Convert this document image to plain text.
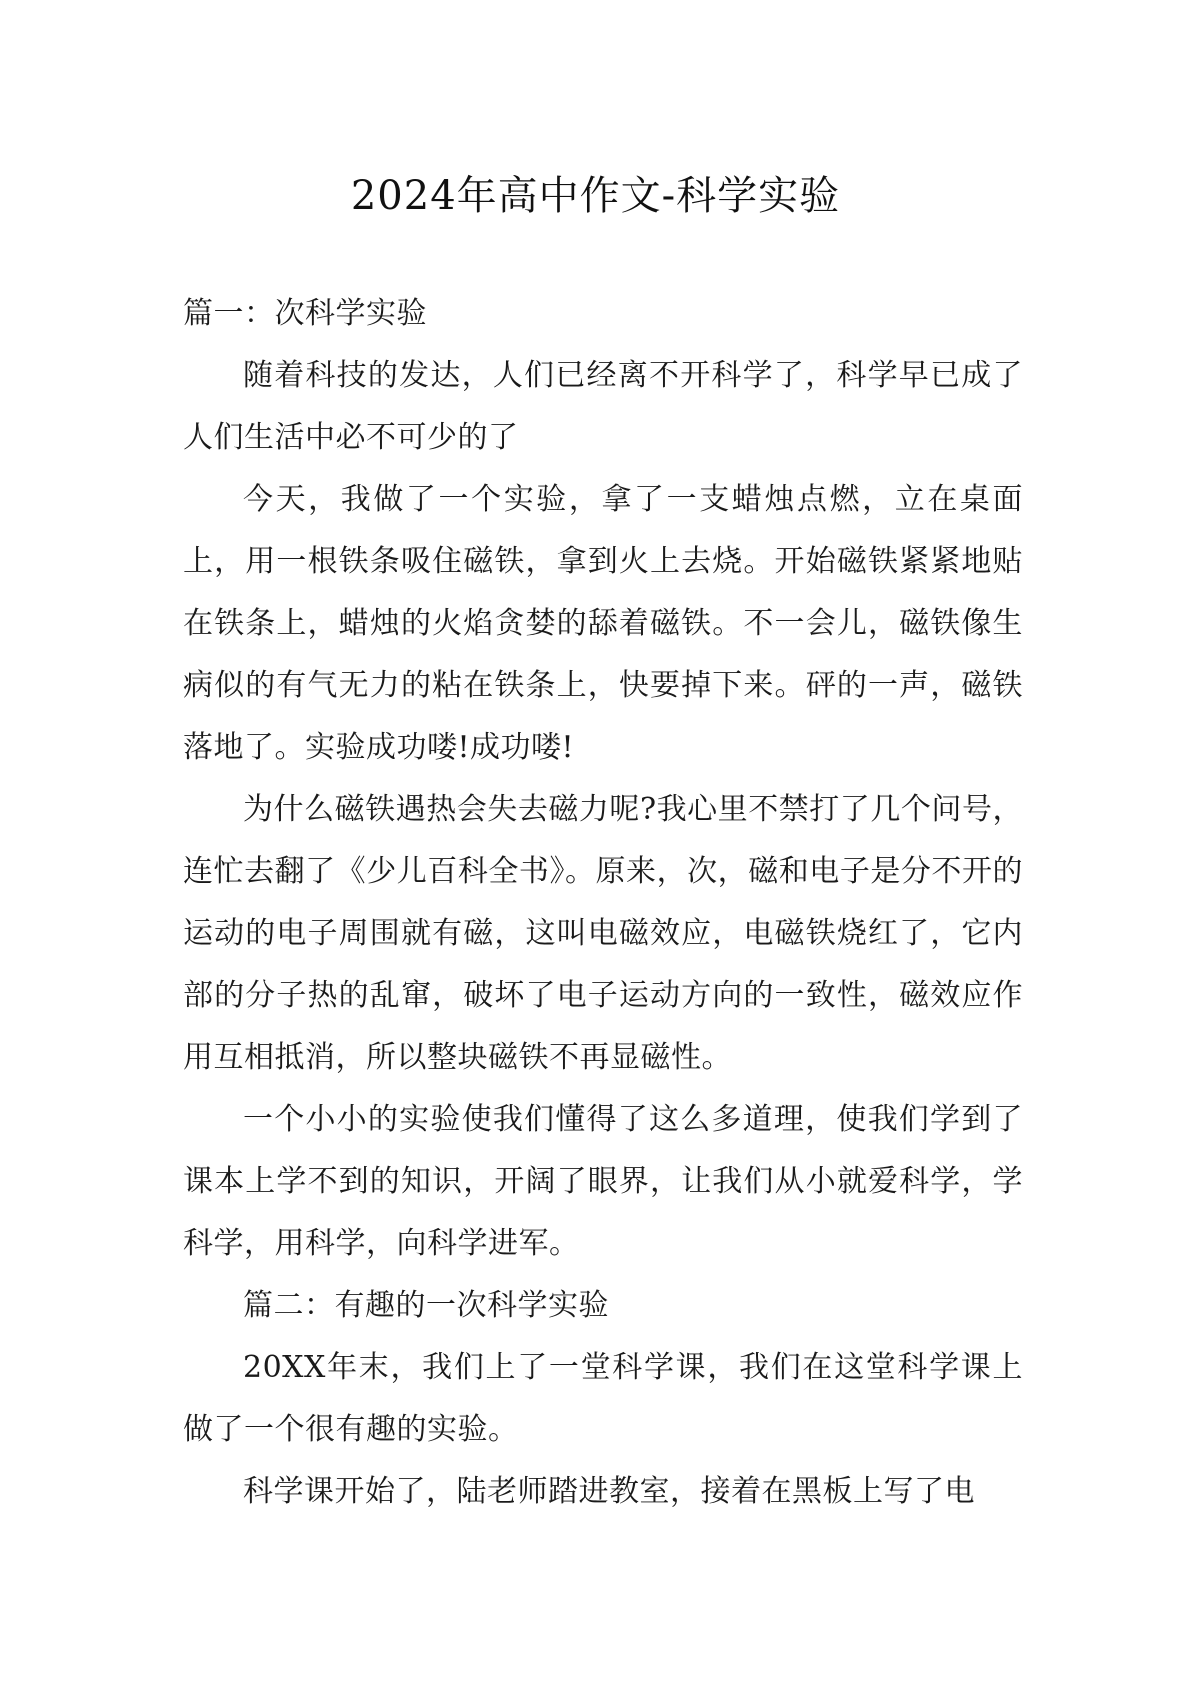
2024年高中作文-科学实验

篇一：次科学实验

随着科技的发达，人们已经离不开科学了，科学早已成了人们生活中必不可少的了

今天，我做了一个实验，拿了一支蜡烛点燃，立在桌面上，用一根铁条吸住磁铁，拿到火上去烧。开始磁铁紧紧地贴在铁条上，蜡烛的火焰贪婪的舔着磁铁。不一会儿，磁铁像生病似的有气无力的粘在铁条上，快要掉下来。砰的一声，磁铁落地了。实验成功喽!成功喽!

为什么磁铁遇热会失去磁力呢?我心里不禁打了几个问号，连忙去翻了《少儿百科全书》。原来，次，磁和电子是分不开的运动的电子周围就有磁，这叫电磁效应，电磁铁烧红了，它内部的分子热的乱窜，破坏了电子运动方向的一致性，磁效应作用互相抵消，所以整块磁铁不再显磁性。

一个小小的实验使我们懂得了这么多道理，使我们学到了课本上学不到的知识，开阔了眼界，让我们从小就爱科学，学科学，用科学，向科学进军。

篇二：有趣的一次科学实验

20XX年末，我们上了一堂科学课，我们在这堂科学课上做了一个很有趣的实验。

科学课开始了，陆老师踏进教室，接着在黑板上写了电
